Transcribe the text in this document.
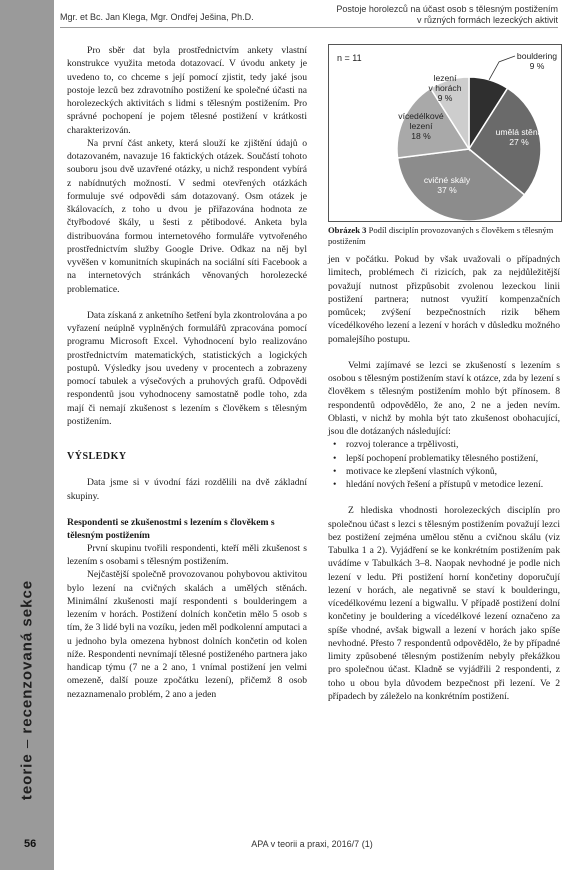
Mgr. et Bc. Jan Klega, Mgr. Ondřej Ješina, Ph.D.
Postoje horolezců na účast osob s tělesným postižením
v různých formách lezeckých aktivit
teorie – recenzovaná sekce
56	APA v teorii a praxi, 2016/7 (1)

Pro sběr dat byla prostřednictvím ankety vlastní konstrukce využita metoda dotazovací. V úvodu ankety je uvedeno to, co chceme s její pomocí zjistit, tedy jaké jsou postoje lezců bez zdravotního postižení ke společné účasti na horolezeckých aktivitách s lidmi s tělesným postižením. Pro správné pochopení je pojem tělesné postižení v krátkosti charakterizován.

Na první část ankety, která slouží ke zjištění údajů o dotazovaném, navazuje 16 faktických otázek. Součástí tohoto souboru jsou dvě uzavřené otázky, u nichž respondent vybírá z nabídnutých možností. V sedmi otevřených otázkách formuluje své odpovědi sám dotazovaný. Osm otázek je škálovacích, z toho u dvou je přiřazována hodnota ze čtyřbodové škály, u šesti z pětibodové. Anketa byla distribuována formou internetového formuláře vytvořeného prostřednictvím služby Google Drive. Odkaz na něj byl vyvěšen v komunitních skupinách na sociální síti Facebook a na internetových stránkách věnovaných horolezecké problematice.

Data získaná z anketního šetření byla zkontrolována a po vyřazení neúplně vyplněných formulářů zpracována pomocí programu Microsoft Excel. Vyhodnocení bylo realizováno prostřednictvím matematických, statistických a logických postupů. Výsledky jsou uvedeny v procentech a zobrazeny pomocí tabulek a výsečových a pruhových grafů. Odpovědi respondentů jsou vyhodnoceny samostatně podle toho, zda mají či nemají zkušenost s lezením s člověkem s tělesným postižením.

VÝSLEDKY

Data jsme si v úvodní fázi rozdělili na dvě základní skupiny.

Respondenti se zkušenostmi s lezením s člověkem s tělesným postižením

První skupinu tvořili respondenti, kteří měli zkušenost s lezením s osobami s tělesným postižením.

Nejčastější společně provozovanou pohybovou aktivitou bylo lezení na cvičných skalách a umělých stěnách. Minimální zkušenosti mají respondenti s boulderingem a lezením v horách. Postižení dolních končetin mělo 5 osob s tím, že 3 lidé byli na vozíku, jeden měl podkolenní amputaci a u jednoho byla omezena hybnost dolních končetin od kolen níže. Respondenti nevnímají tělesné postiženého partnera jako handicap týmu (7 ne a 2 ano, 1 vnímal postižení jen velmi omezeně, další pouze zpočátku lezení), přičemž 8 osob nezaznamenalo problém, 2 ano a jeden

n = 11	bouldering 9 %
umělá stěna 27 %
cvičné skály 37 %
vícedélkové lezení 18 %
lezení v horách 9 %
Obrázek 3 Podíl disciplín provozovaných s člověkem s tělesným postižením

jen v počátku. Pokud by však uvažovali o případných limitech, problémech či rizicích, pak za nejdůležitější považují nutnost přizpůsobit zvolenou lezeckou linii postižení partnera; nutnost využití kompenzačních pomůcek; zvýšení bezpečnostních rizik během vícedélkového lezení a lezení v horách v důsledku možného pomalejšího postupu.

Velmi zajímavé se lezci se zkušeností s lezením s osobou s tělesným postižením staví k otázce, zda by lezení s člověkem s tělesným postižením mohlo být přínosem. 8 respondentů odpovědělo, že ano, 2 ne a jeden nevím. Oblasti, v nichž by mohla být tato zkušenost obohacující, jsou dle dotázaných následující:

• rozvoj tolerance a trpělivosti,
• lepší pochopení problematiky tělesného postižení,
• motivace ke zlepšení vlastních výkonů,
• hledání nových řešení a přístupů v metodice lezení.

Z hlediska vhodnosti horolezeckých disciplín pro společnou účast s lezci s tělesným postižením považují lezci bez postižení zejména umělou stěnu a cvičnou skálu (viz Tabulka 1 a 2). Vyjádření se ke konkrétním postižením pak uvádíme v Tabulkách 3–8. Naopak nevhodné je podle nich lezení v ledu. Při postižení horní končetiny doporučují lezení v horách, ale negativně se staví k boulderingu, vícedélkovému lezení a bigwallu. V případě postižení dolní končetiny je bouldering a vícedélkové lezení označeno za spíše vhodné, avšak bigwall a lezení v horách jako spíše nevhodné. Přesto 7 respondentů odpovědělo, že by případné limity způsobené tělesným postižením nebyly překážkou pro společnou účast. Kladně se vyjádřili 2 respondenti, z toho u obou byla důvodem bezpečnost při lezení. Ve 2 případech by záleželo na konkrétním postižení.
